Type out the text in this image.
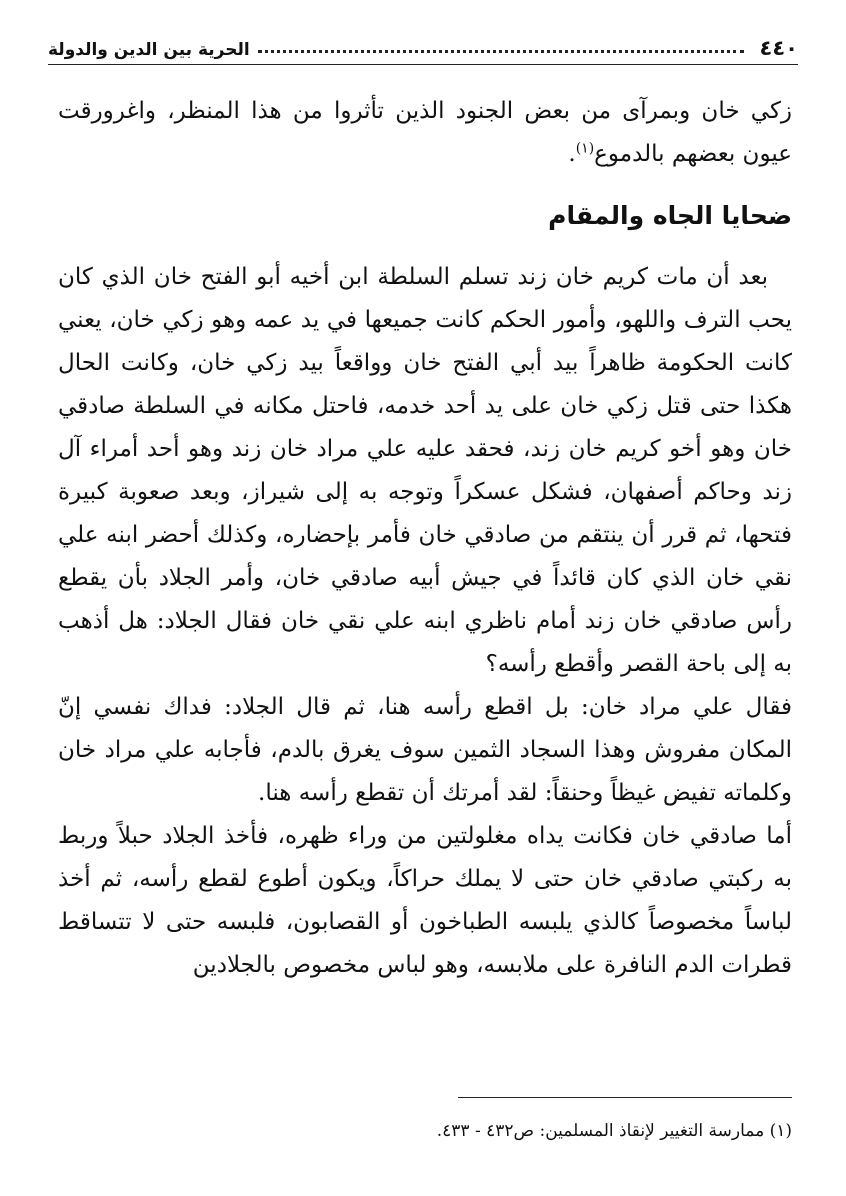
٤٤٠
الحرية بين الدين والدولة

زكي خان وبمرآى من بعض الجنود الذين تأثروا من هذا المنظر، واغرورقت عيون بعضهم بالدموع$^{(١)}$.

ضحايا الجاه والمقام

بعد أن مات كريم خان زند تسلم السلطة ابن أخيه أبو الفتح خان الذي كان يحب الترف واللهو، وأمور الحكم كانت جميعها في يد عمه وهو زكي خان، يعني كانت الحكومة ظاهراً بيد أبي الفتح خان وواقعاً بيد زكي خان، وكانت الحال هكذا حتى قتل زكي خان على يد أحد خدمه، فاحتل مكانه في السلطة صادقي خان وهو أخو كريم خان زند، فحقد عليه علي مراد خان زند وهو أحد أمراء آل زند وحاكم أصفهان، فشكل عسكراً وتوجه به إلى شيراز، وبعد صعوبة كبيرة فتحها، ثم قرر أن ينتقم من صادقي خان فأمر بإحضاره، وكذلك أحضر ابنه علي نقي خان الذي كان قائداً في جيش أبيه صادقي خان، وأمر الجلاد بأن يقطع رأس صادقي خان زند أمام ناظري ابنه علي نقي خان فقال الجلاد: هل أذهب به إلى باحة القصر وأقطع رأسه؟

فقال علي مراد خان: بل اقطع رأسه هنا، ثم قال الجلاد: فداك نفسي إنّ المكان مفروش وهذا السجاد الثمين سوف يغرق بالدم، فأجابه علي مراد خان وكلماته تفيض غيظاً وحنقاً: لقد أمرتك أن تقطع رأسه هنا.

أما صادقي خان فكانت يداه مغلولتين من وراء ظهره، فأخذ الجلاد حبلاً وربط به ركبتي صادقي خان حتى لا يملك حراكاً، ويكون أطوع لقطع رأسه، ثم أخذ لباساً مخصوصاً كالذي يلبسه الطباخون أو القصابون، فلبسه حتى لا تتساقط قطرات الدم النافرة على ملابسه، وهو لباس مخصوص بالجلادين

(١) ممارسة التغيير لإنقاذ المسلمين: ص٤٣٢ - ٤٣٣.
